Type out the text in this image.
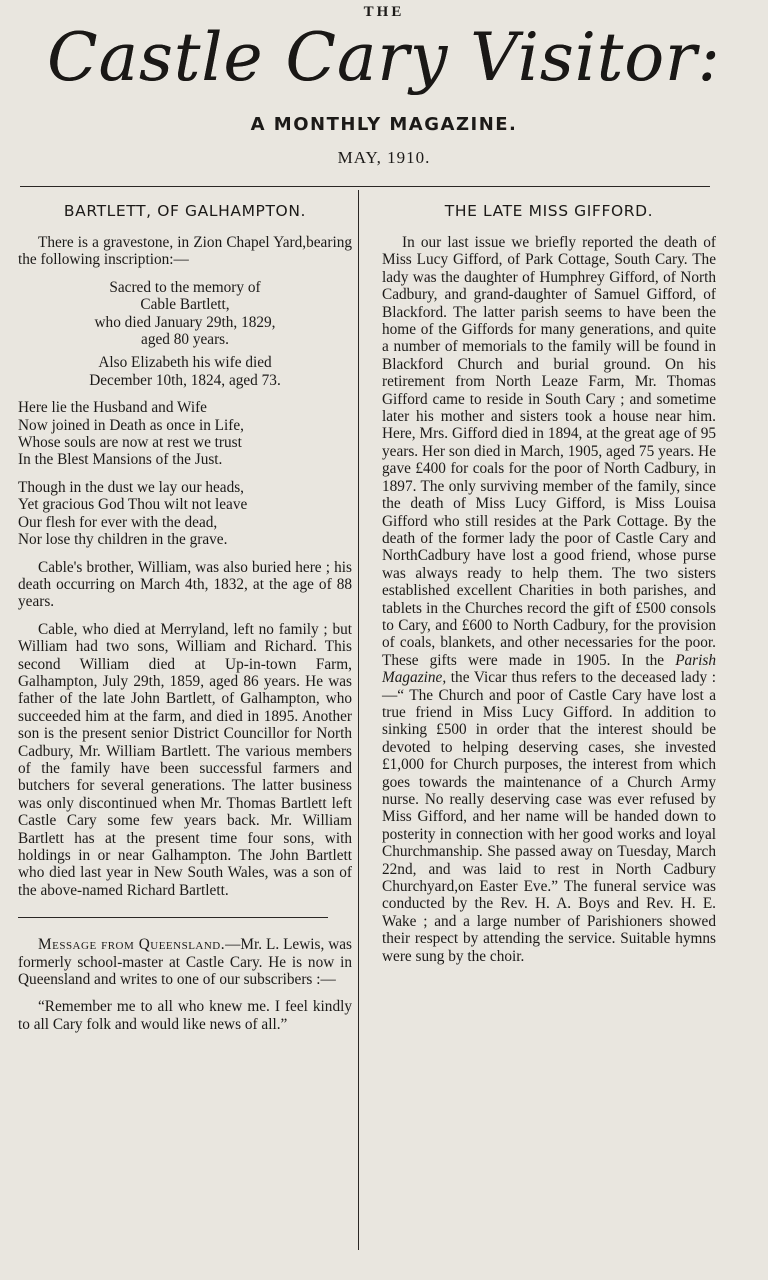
THE
Castle Cary Visitor:
A MONTHLY MAGAZINE.
MAY, 1910.
BARTLETT, OF GALHAMPTON.

There is a gravestone, in Zion Chapel Yard,bearing the following inscription:—

Sacred to the memory of
Cable Bartlett,
who died January 29th, 1829,
aged 80 years.

Also Elizabeth his wife died
December 10th, 1824, aged 73.

Here lie the Husband and Wife
Now joined in Death as once in Life,
Whose souls are now at rest we trust
In the Blest Mansions of the Just.

Though in the dust we lay our heads,
Yet gracious God Thou wilt not leave
Our flesh for ever with the dead,
Nor lose thy children in the grave.

Cable's brother, William, was also buried here ; his death occurring on March 4th, 1832, at the age of 88 years.

Cable, who died at Merryland, left no family ; but William had two sons, William and Richard. This second William died at Up-in-town Farm, Galhampton, July 29th, 1859, aged 86 years. He was father of the late John Bartlett, of Galhampton, who succeeded him at the farm, and died in 1895. Another son is the present senior District Councillor for North Cadbury, Mr. William Bartlett. The various members of the family have been successful farmers and butchers for several generations. The latter business was only discontinued when Mr. Thomas Bartlett left Castle Cary some few years back. Mr. William Bartlett has at the present time four sons, with holdings in or near Galhampton. The John Bartlett who died last year in New South Wales, was a son of the above-named Richard Bartlett.

Message from Queensland.—Mr. L. Lewis, was formerly school-master at Castle Cary. He is now in Queensland and writes to one of our subscribers :—

“Remember me to all who knew me. I feel kindly to all Cary folk and would like news of all.”

THE LATE MISS GIFFORD.

In our last issue we briefly reported the death of Miss Lucy Gifford, of Park Cottage, South Cary. The lady was the daughter of Humphrey Gifford, of North Cadbury, and grand-daughter of Samuel Gifford, of Blackford. The latter parish seems to have been the home of the Giffords for many generations, and quite a number of memorials to the family will be found in Blackford Church and burial ground. On his retirement from North Leaze Farm, Mr. Thomas Gifford came to reside in South Cary ; and sometime later his mother and sisters took a house near him. Here, Mrs. Gifford died in 1894, at the great age of 95 years. Her son died in March, 1905, aged 75 years. He gave £400 for coals for the poor of North Cadbury, in 1897. The only surviving member of the family, since the death of Miss Lucy Gifford, is Miss Louisa Gifford who still resides at the Park Cottage. By the death of the former lady the poor of Castle Cary and NorthCadbury have lost a good friend, whose purse was always ready to help them. The two sisters established excellent Charities in both parishes, and tablets in the Churches record the gift of £500 consols to Cary, and £600 to North Cadbury, for the provision of coals, blankets, and other necessaries for the poor. These gifts were made in 1905. In the Parish Magazine, the Vicar thus refers to the deceased lady :—“ The Church and poor of Castle Cary have lost a true friend in Miss Lucy Gifford. In addition to sinking £500 in order that the interest should be devoted to helping deserving cases, she invested £1,000 for Church purposes, the interest from which goes towards the maintenance of a Church Army nurse. No really deserving case was ever refused by Miss Gifford, and her name will be handed down to posterity in connection with her good works and loyal Churchmanship. She passed away on Tuesday, March 22nd, and was laid to rest in North Cadbury Churchyard,on Easter Eve.” The funeral service was conducted by the Rev. H. A. Boys and Rev. H. E. Wake ; and a large number of Parishioners showed their respect by attending the service. Suitable hymns were sung by the choir.
